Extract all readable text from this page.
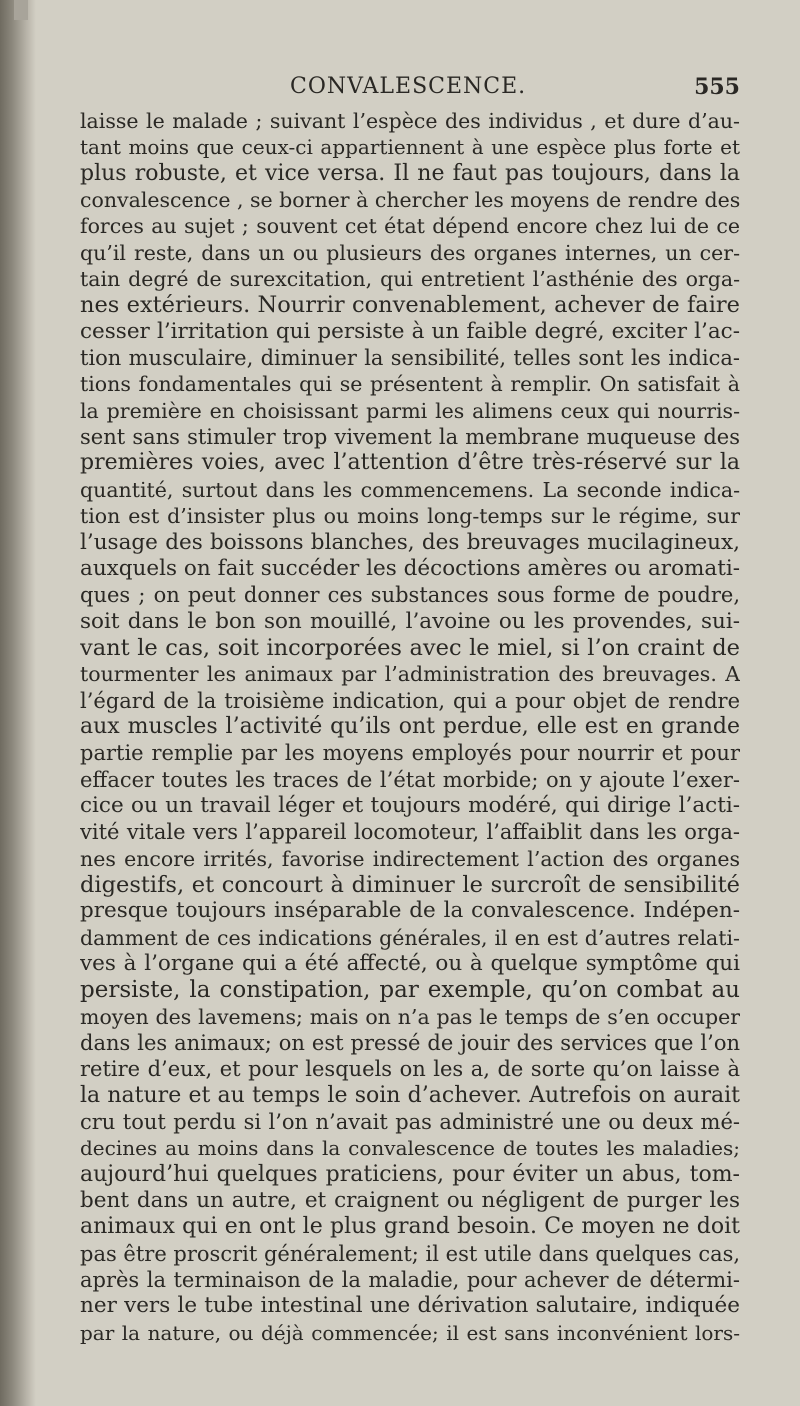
CONVALESCENCE.	555
laisse le malade ; suivant l’espèce des individus , et dure d’au-
tant moins que ceux-ci appartiennent à une espèce plus forte et
plus robuste, et vice versa. Il ne faut pas toujours, dans la
convalescence , se borner à chercher les moyens de rendre des
forces au sujet ; souvent cet état dépend encore chez lui de ce
qu’il reste, dans un ou plusieurs des organes internes, un cer-
tain degré de surexcitation, qui entretient l’asthénie des orga-
nes extérieurs. Nourrir convenablement, achever de faire
cesser l’irritation qui persiste à un faible degré, exciter l’ac-
tion musculaire, diminuer la sensibilité, telles sont les indica-
tions fondamentales qui se présentent à remplir. On satisfait à
la première en choisissant parmi les alimens ceux qui nourris-
sent sans stimuler trop vivement la membrane muqueuse des
premières voies, avec l’attention d’être très-réservé sur la
quantité, surtout dans les commencemens. La seconde indica-
tion est d’insister plus ou moins long-temps sur le régime, sur
l’usage des boissons blanches, des breuvages mucilagineux,
auxquels on fait succéder les décoctions amères ou aromati-
ques ; on peut donner ces substances sous forme de poudre,
soit dans le bon son mouillé, l’avoine ou les provendes, sui-
vant le cas, soit incorporées avec le miel, si l’on craint de
tourmenter les animaux par l’administration des breuvages. A
l’égard de la troisième indication, qui a pour objet de rendre
aux muscles l’activité qu’ils ont perdue, elle est en grande
partie remplie par les moyens employés pour nourrir et pour
effacer toutes les traces de l’état morbide; on y ajoute l’exer-
cice ou un travail léger et toujours modéré, qui dirige l’acti-
vité vitale vers l’appareil locomoteur, l’affaiblit dans les orga-
nes encore irrités, favorise indirectement l’action des organes
digestifs, et concourt à diminuer le surcroît de sensibilité
presque toujours inséparable de la convalescence. Indépen-
damment de ces indications générales, il en est d’autres relati-
ves à l’organe qui a été affecté, ou à quelque symptôme qui
persiste, la constipation, par exemple, qu’on combat au
moyen des lavemens; mais on n’a pas le temps de s’en occuper
dans les animaux; on est pressé de jouir des services que l’on
retire d’eux, et pour lesquels on les a, de sorte qu’on laisse à
la nature et au temps le soin d’achever. Autrefois on aurait
cru tout perdu si l’on n’avait pas administré une ou deux mé-
decines au moins dans la convalescence de toutes les maladies;
aujourd’hui quelques praticiens, pour éviter un abus, tom-
bent dans un autre, et craignent ou négligent de purger les
animaux qui en ont le plus grand besoin. Ce moyen ne doit
pas être proscrit généralement; il est utile dans quelques cas,
après la terminaison de la maladie, pour achever de détermi-
ner vers le tube intestinal une dérivation salutaire, indiquée
par la nature, ou déjà commencée; il est sans inconvénient lors-
